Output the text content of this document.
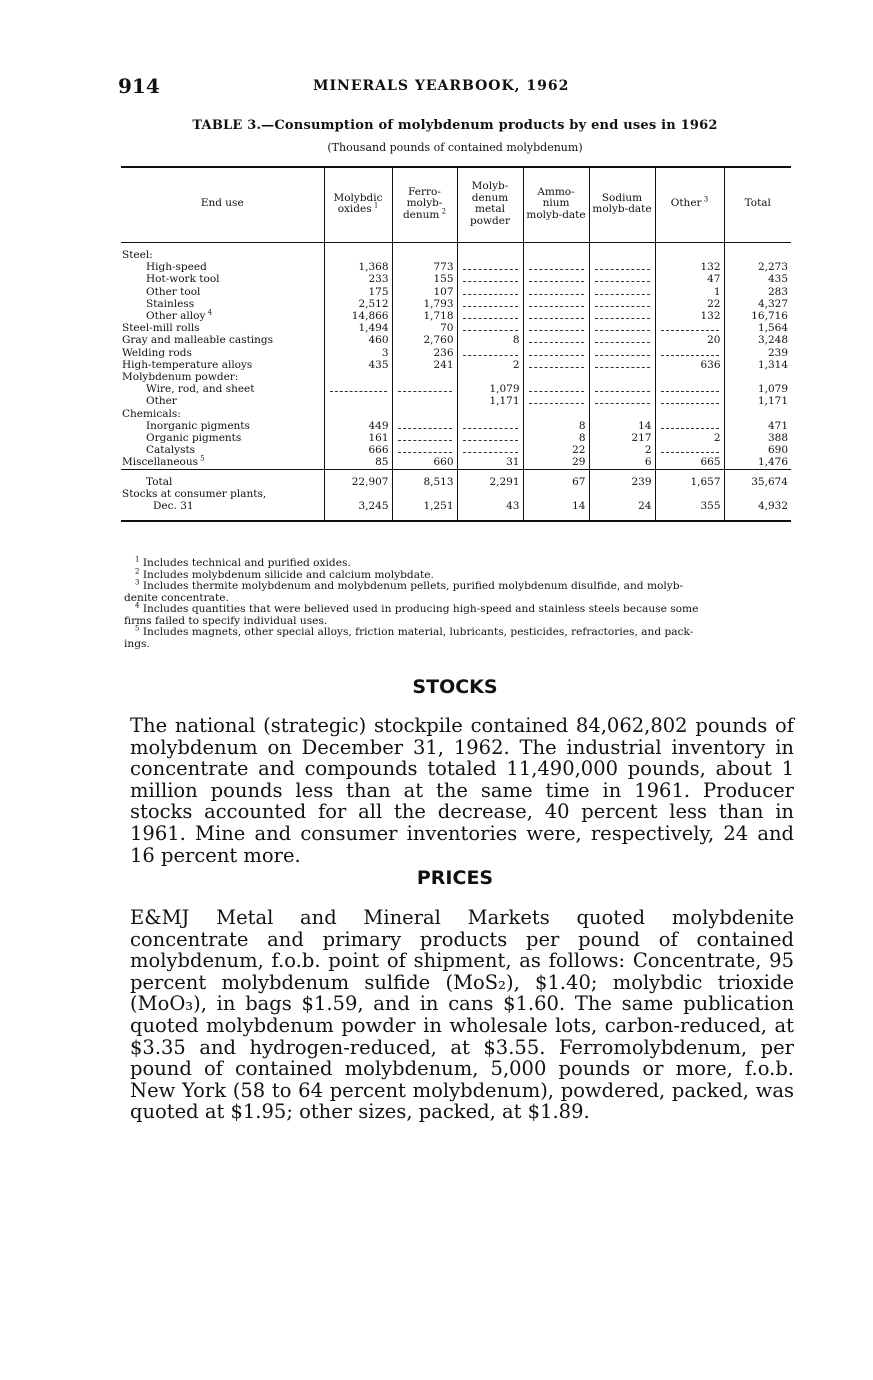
914	MINERALS YEARBOOK, 1962
TABLE 3.—Consumption of molybdenum products by end uses in 1962
(Thousand pounds of contained molybdenum)
End use	Molybdic oxides $^1$	Ferro-molyb-denum $^2$	Molyb-denum metal powder	Ammo-nium molyb-date	Sodium molyb-date	Other $^3$	Total

Steel:							
High-speed	1,368	773				132	2,273
Hot-work tool	233	155				47	435
Other tool	175	107				1	283
Stainless	2,512	1,793				22	4,327
Other alloy $^4$	14,866	1,718				132	16,716
Steel-mill rolls	1,494	70					1,564
Gray and malleable castings	460	2,760	8			20	3,248
Welding rods	3	236					239
High-temperature alloys	435	241	2			636	1,314
Molybdenum powder:							
Wire, rod, and sheet			1,079				1,079
Other			1,171				1,171
Chemicals:							
Inorganic pigments	449			8	14		471
Organic pigments	161			8	217	2	388
Catalysts	666			22	2		690
Miscellaneous $^5$	85	660	31	29	6	665	1,476
Total	22,907	8,513	2,291	67	239	1,657	35,674
Stocks at consumer plants,							
Dec. 31	3,245	1,251	43	14	24	355	4,932

$^1$ Includes technical and purified oxides.

$^2$ Includes molybdenum silicide and calcium molybdate.

$^3$ Includes thermite molybdenum and molybdenum pellets, purified molybdenum disulfide, and molyb-

denite concentrate.

$^4$ Includes quantities that were believed used in producing high-speed and stainless steels because some

firms failed to specify individual uses.

$^5$ Includes magnets, other special alloys, friction material, lubricants, pesticides, refractories, and pack-

ings.

STOCKS

The national (strategic) stockpile contained 84,062,802 pounds of molybdenum on December 31, 1962. The industrial inventory in concentrate and compounds totaled 11,490,000 pounds, about 1 million pounds less than at the same time in 1961. Producer stocks accounted for all the decrease, 40 percent less than in 1961. Mine and consumer inventories were, respectively, 24 and 16 percent more.

PRICES

E&MJ Metal and Mineral Markets quoted molybdenite concentrate and primary products per pound of contained molybdenum, f.o.b. point of shipment, as follows: Concentrate, 95 percent molybdenum sulfide (MoS₂), $1.40; molybdic trioxide (MoO₃), in bags $1.59, and in cans $1.60. The same publication quoted molybdenum powder in wholesale lots, carbon-reduced, at $3.35 and hydrogen-reduced, at $3.55. Ferromolybdenum, per pound of contained molybdenum, 5,000 pounds or more, f.o.b. New York (58 to 64 percent molybdenum), powdered, packed, was quoted at $1.95; other sizes, packed, at $1.89.
